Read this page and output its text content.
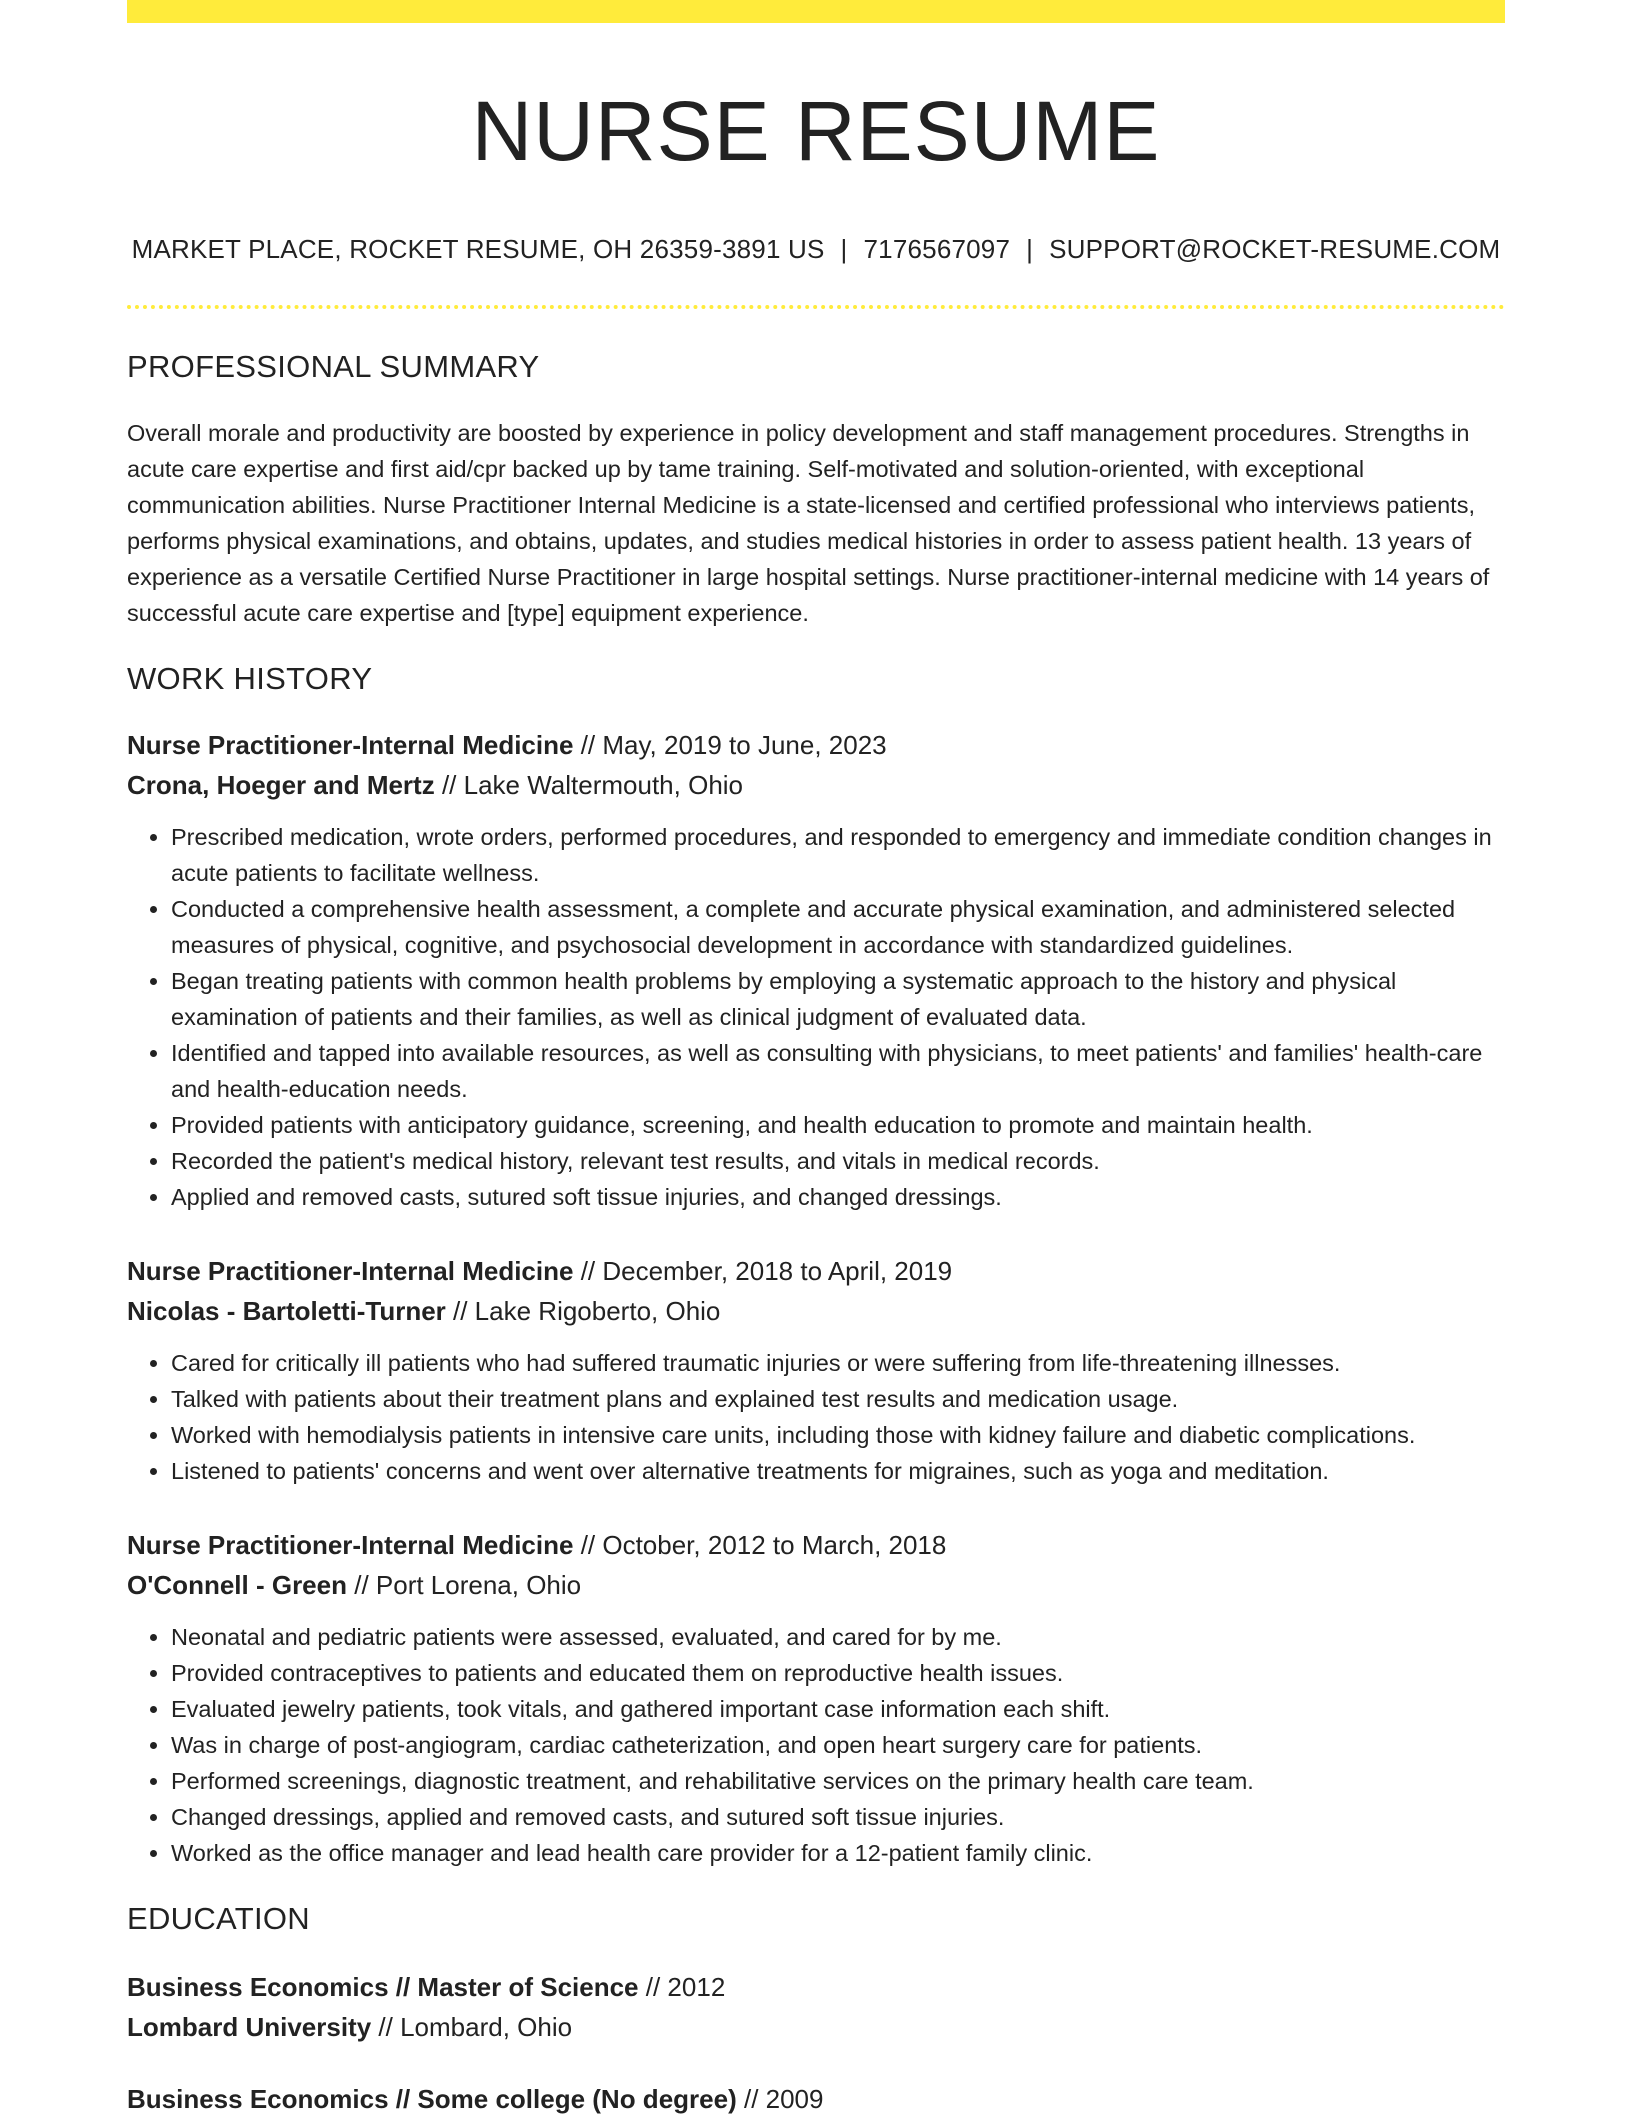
NURSE RESUME
MARKET PLACE, ROCKET RESUME, OH 26359-3891 US | 7176567097 | SUPPORT@ROCKET-RESUME.COM
PROFESSIONAL SUMMARY

Overall morale and productivity are boosted by experience in policy development and staff management procedures. Strengths in acute care expertise and first aid/cpr backed up by tame training. Self-motivated and solution-oriented, with exceptional communication abilities. Nurse Practitioner Internal Medicine is a state-licensed and certified professional who interviews patients, performs physical examinations, and obtains, updates, and studies medical histories in order to assess patient health. 13 years of experience as a versatile Certified Nurse Practitioner in large hospital settings. Nurse practitioner-internal medicine with 14 years of successful acute care expertise and [type] equipment experience.

WORK HISTORY
Nurse Practitioner-Internal Medicine // May, 2019 to June, 2023
Crona, Hoeger and Mertz // Lake Waltermouth, Ohio
• Prescribed medication, wrote orders, performed procedures, and responded to emergency and immediate condition changes in acute patients to facilitate wellness.
• Conducted a comprehensive health assessment, a complete and accurate physical examination, and administered selected measures of physical, cognitive, and psychosocial development in accordance with standardized guidelines.
• Began treating patients with common health problems by employing a systematic approach to the history and physical examination of patients and their families, as well as clinical judgment of evaluated data.
• Identified and tapped into available resources, as well as consulting with physicians, to meet patients' and families' health-care and health-education needs.
• Provided patients with anticipatory guidance, screening, and health education to promote and maintain health.
• Recorded the patient's medical history, relevant test results, and vitals in medical records.
• Applied and removed casts, sutured soft tissue injuries, and changed dressings.
Nurse Practitioner-Internal Medicine // December, 2018 to April, 2019
Nicolas - Bartoletti-Turner // Lake Rigoberto, Ohio
• Cared for critically ill patients who had suffered traumatic injuries or were suffering from life-threatening illnesses.
• Talked with patients about their treatment plans and explained test results and medication usage.
• Worked with hemodialysis patients in intensive care units, including those with kidney failure and diabetic complications.
• Listened to patients' concerns and went over alternative treatments for migraines, such as yoga and meditation.
Nurse Practitioner-Internal Medicine // October, 2012 to March, 2018
O'Connell - Green // Port Lorena, Ohio
• Neonatal and pediatric patients were assessed, evaluated, and cared for by me.
• Provided contraceptives to patients and educated them on reproductive health issues.
• Evaluated jewelry patients, took vitals, and gathered important case information each shift.
• Was in charge of post-angiogram, cardiac catheterization, and open heart surgery care for patients.
• Performed screenings, diagnostic treatment, and rehabilitative services on the primary health care team.
• Changed dressings, applied and removed casts, and sutured soft tissue injuries.
• Worked as the office manager and lead health care provider for a 12-patient family clinic.
EDUCATION
Business Economics // Master of Science // 2012
Lombard University // Lombard, Ohio
Business Economics // Some college (No degree) // 2009
